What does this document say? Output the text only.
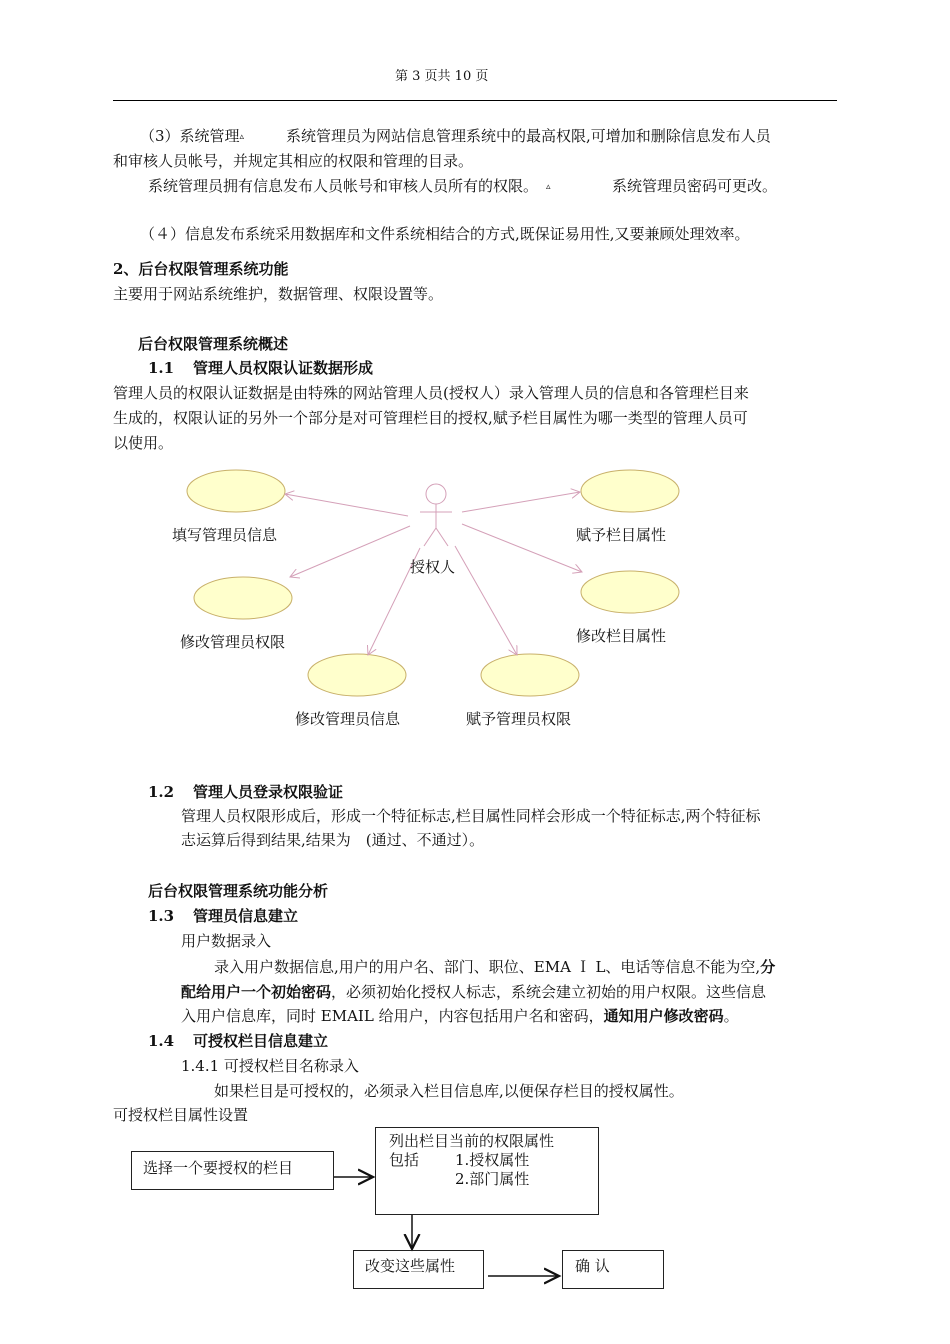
第 3 页共 10 页
（3）系统管理▵	系统管理员为网站信息管理系统中的最高权限,可增加和删除信息发布人员
和审核人员帐号，并规定其相应的权限和管理的目录。
系统管理员拥有信息发布人员帐号和审核人员所有的权限。 ▵	系统管理员密码可更改。
（４）信息发布系统采用数据库和文件系统相结合的方式,既保证易用性,又要兼顾处理效率。
2、后台权限管理系统功能
主要用于网站系统维护，数据管理、权限设置等。
后台权限管理系统概述
1.1 管理人员权限认证数据形成
管理人员的权限认证数据是由特殊的网站管理人员(授权人）录入管理人员的信息和各管理栏目来
生成的，权限认证的另外一个部分是对可管理栏目的授权,赋予栏目属性为哪一类型的管理人员可
以使用。
填写管理员信息	赋予栏目属性
授权人
修改管理员权限	修改栏目属性
修改管理员信息	赋予管理员权限
1.2 管理人员登录权限验证
管理人员权限形成后，形成一个特征标志,栏目属性同样会形成一个特征标志,两个特征标
志运算后得到结果,结果为　(通过、不通过）。
后台权限管理系统功能分析
1.3 管理员信息建立
用户数据录入
录入用户数据信息,用户的用户名、部门、职位、EMA Ｉ L、电话等信息不能为空,分
配给用户一个初始密码，必须初始化授权人标志，系统会建立初始的用户权限。这些信息
入用户信息库，同时 EMAIL 给用户，内容包括用户名和密码，通知用户修改密码。
1.4 可授权栏目信息建立
1.4.1 可授权栏目名称录入
如果栏目是可授权的，必须录入栏目信息库,以便保存栏目的授权属性。
可授权栏目属性设置
选择一个要授权的栏目
列出栏目当前的权限属性
包括 1.授权属性
2.部门属性
改变这些属性	确 认
